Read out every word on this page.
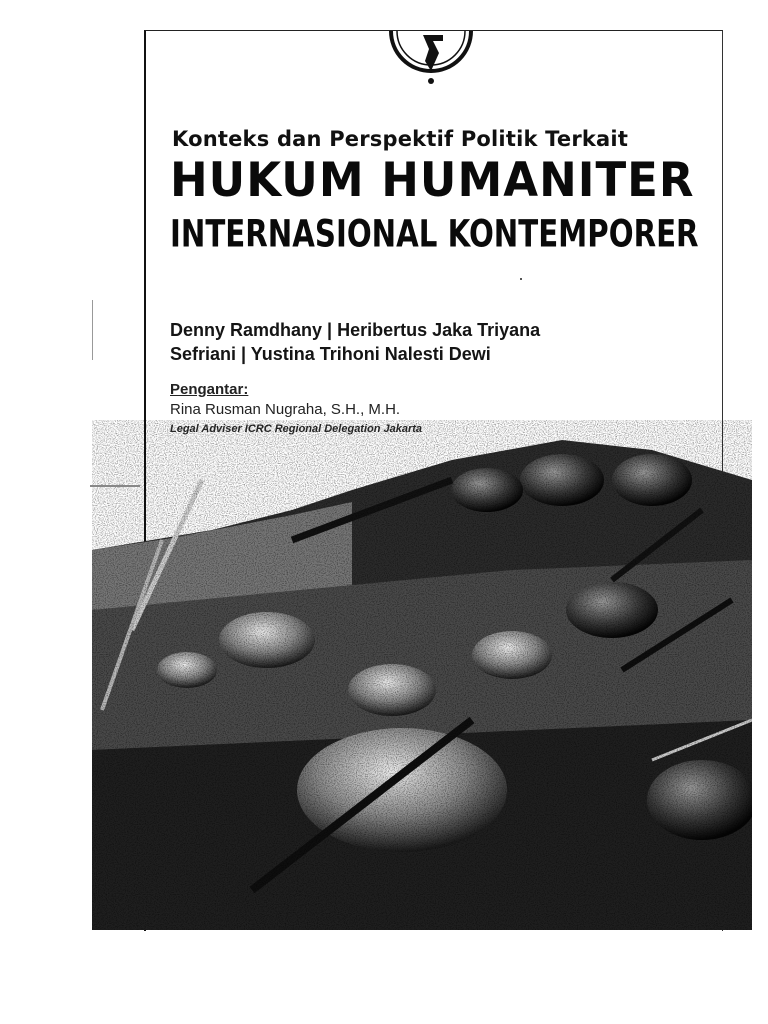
Konteks dan Perspektif Politik Terkait
HUKUM HUMANITER
INTERNASIONAL KONTEMPORER
Denny Ramdhany | Heribertus Jaka Triyana
Sefriani | Yustina Trihoni Nalesti Dewi
Pengantar:
Rina Rusman Nugraha, S.H., M.H.
